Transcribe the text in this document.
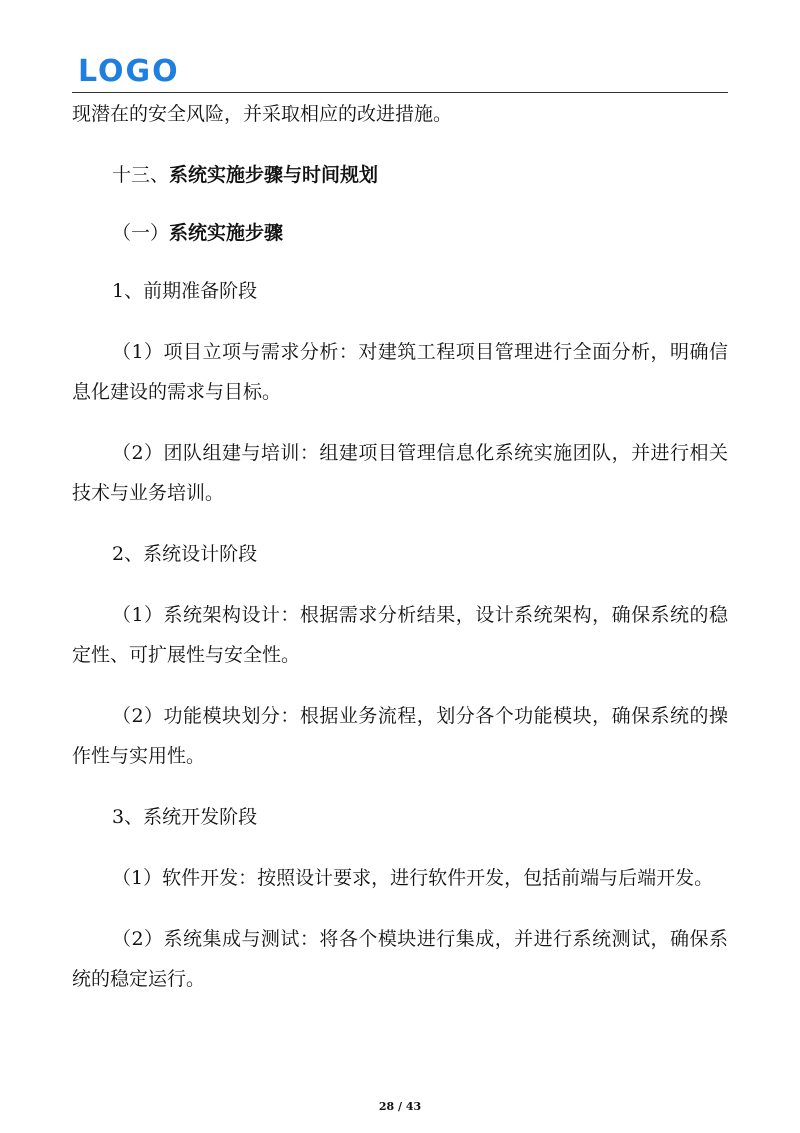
LOGO

现潜在的安全风险，并采取相应的改进措施。

十三、系统实施步骤与时间规划
（一）系统实施步骤

1、前期准备阶段

（1）项目立项与需求分析：对建筑工程项目管理进行全面分析，明确信息化建设的需求与目标。

（2）团队组建与培训：组建项目管理信息化系统实施团队，并进行相关技术与业务培训。

2、系统设计阶段

（1）系统架构设计：根据需求分析结果，设计系统架构，确保系统的稳定性、可扩展性与安全性。

（2）功能模块划分：根据业务流程，划分各个功能模块，确保系统的操作性与实用性。

3、系统开发阶段

（1）软件开发：按照设计要求，进行软件开发，包括前端与后端开发。

（2）系统集成与测试：将各个模块进行集成，并进行系统测试，确保系统的稳定运行。

28 / 43
